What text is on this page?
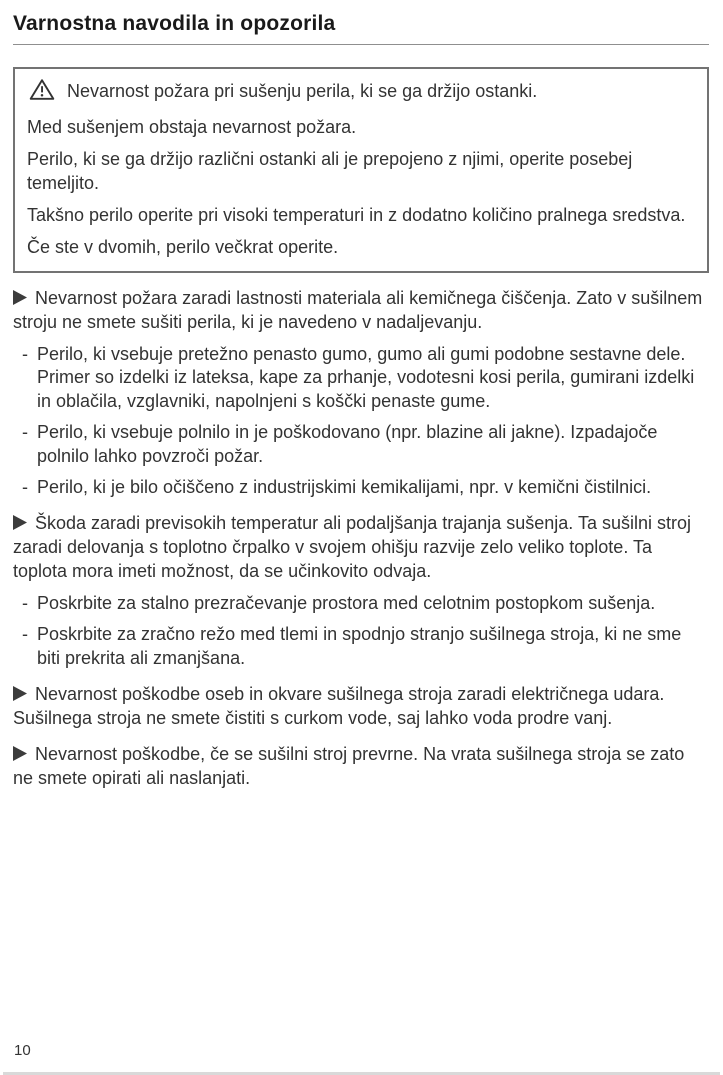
Varnostna navodila in opozorila

Nevarnost požara pri sušenju perila, ki se ga držijo ostanki.

Med sušenjem obstaja nevarnost požara.

Perilo, ki se ga držijo različni ostanki ali je prepojeno z njimi, operite posebej temeljito.

Takšno perilo operite pri visoki temperaturi in z dodatno količino pralnega sredstva.

Če ste v dvomih, perilo večkrat operite.

Nevarnost požara zaradi lastnosti materiala ali kemičnega čiščenja. Zato v sušilnem stroju ne smete sušiti perila, ki je navedeno v nadaljevanju.

- Perilo, ki vsebuje pretežno penasto gumo, gumo ali gumi podobne sestavne dele. Primer so izdelki iz lateksa, kape za prhanje, vodotesni kosi perila, gumirani izdelki in oblačila, vzglavniki, napolnjeni s koščki penaste gume.
- Perilo, ki vsebuje polnilo in je poškodovano (npr. blazine ali jakne). Izpadajoče polnilo lahko povzroči požar.
- Perilo, ki je bilo očiščeno z industrijskimi kemikalijami, npr. v kemični čistilnici.

Škoda zaradi previsokih temperatur ali podaljšanja trajanja sušenja. Ta sušilni stroj zaradi delovanja s toplotno črpalko v svojem ohišju razvije zelo veliko toplote. Ta toplota mora imeti možnost, da se učinkovito odvaja.

- Poskrbite za stalno prezračevanje prostora med celotnim postopkom sušenja.
- Poskrbite za zračno režo med tlemi in spodnjo stranjo sušilnega stroja, ki ne sme biti prekrita ali zmanjšana.

Nevarnost poškodbe oseb in okvare sušilnega stroja zaradi električnega udara. Sušilnega stroja ne smete čistiti s curkom vode, saj lahko voda prodre vanj.

Nevarnost poškodbe, če se sušilni stroj prevrne. Na vrata sušilnega stroja se zato ne smete opirati ali naslanjati.

10
